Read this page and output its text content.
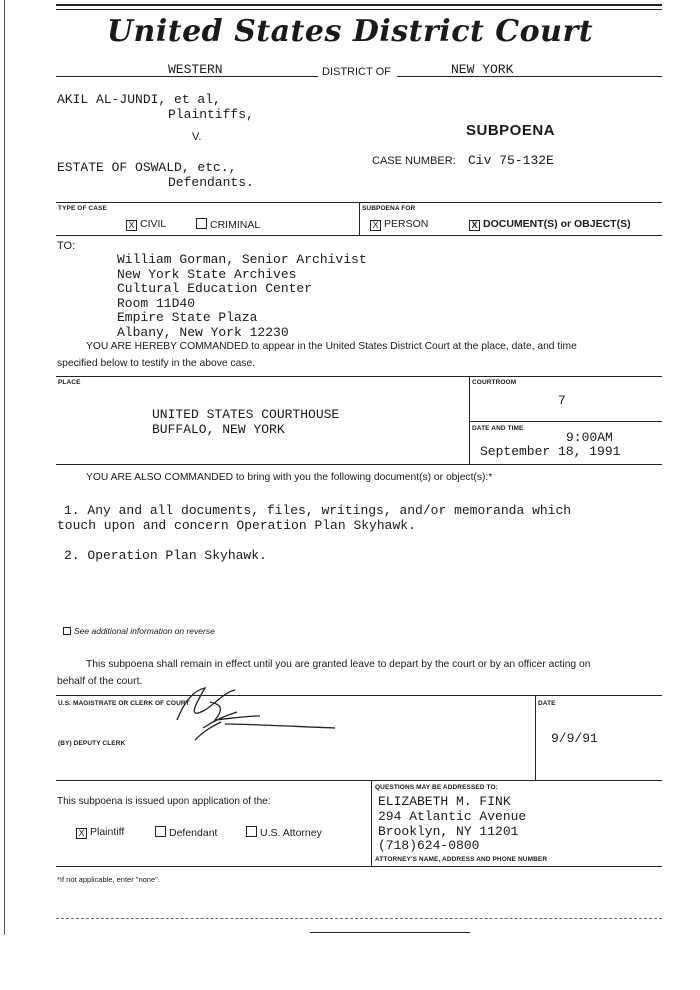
United States District Court
WESTERN	DISTRICT OF	NEW YORK
AKIL AL-JUNDI, et al,
Plaintiffs,
V.
ESTATE OF OSWALD, etc.,
Defendants.
SUBPOENA
CASE NUMBER: Civ 75-132E
TYPE OF CASE
X CIVIL	CRIMINAL
SUBPOENA FOR
X PERSON	X DOCUMENT(S) or OBJECT(S)
TO:
William Gorman, Senior Archivist
New York State Archives
Cultural Education Center
Room 11D40
Empire State Plaza
Albany, New York 12230
YOU ARE HEREBY COMMANDED to appear in the United States District Court at the place, date, and time
specified below to testify in the above case.
PLACE
UNITED STATES COURTHOUSE
BUFFALO, NEW YORK
COURTROOM
7
DATE AND TIME
9:00AM
September 18, 1991
YOU ARE ALSO COMMANDED to bring with you the following document(s) or object(s):*
1. Any and all documents, files, writings, and/or memoranda which
touch upon and concern Operation Plan Skyhawk.
2. Operation Plan Skyhawk.
See additional information on reverse
This subpoena shall remain in effect until you are granted leave to depart by the court or by an officer acting on
behalf of the court.
U.S. MAGISTRATE OR CLERK OF COURT
(BY) DEPUTY CLERK
DATE
9/9/91
This subpoena is issued upon application of the:
X Plaintiff	Defendant	U.S. Attorney
QUESTIONS MAY BE ADDRESSED TO:
ELIZABETH M. FINK
294 Atlantic Avenue
Brooklyn, NY 11201
(718)624-0800
ATTORNEY'S NAME, ADDRESS AND PHONE NUMBER
*If not applicable, enter "none".
